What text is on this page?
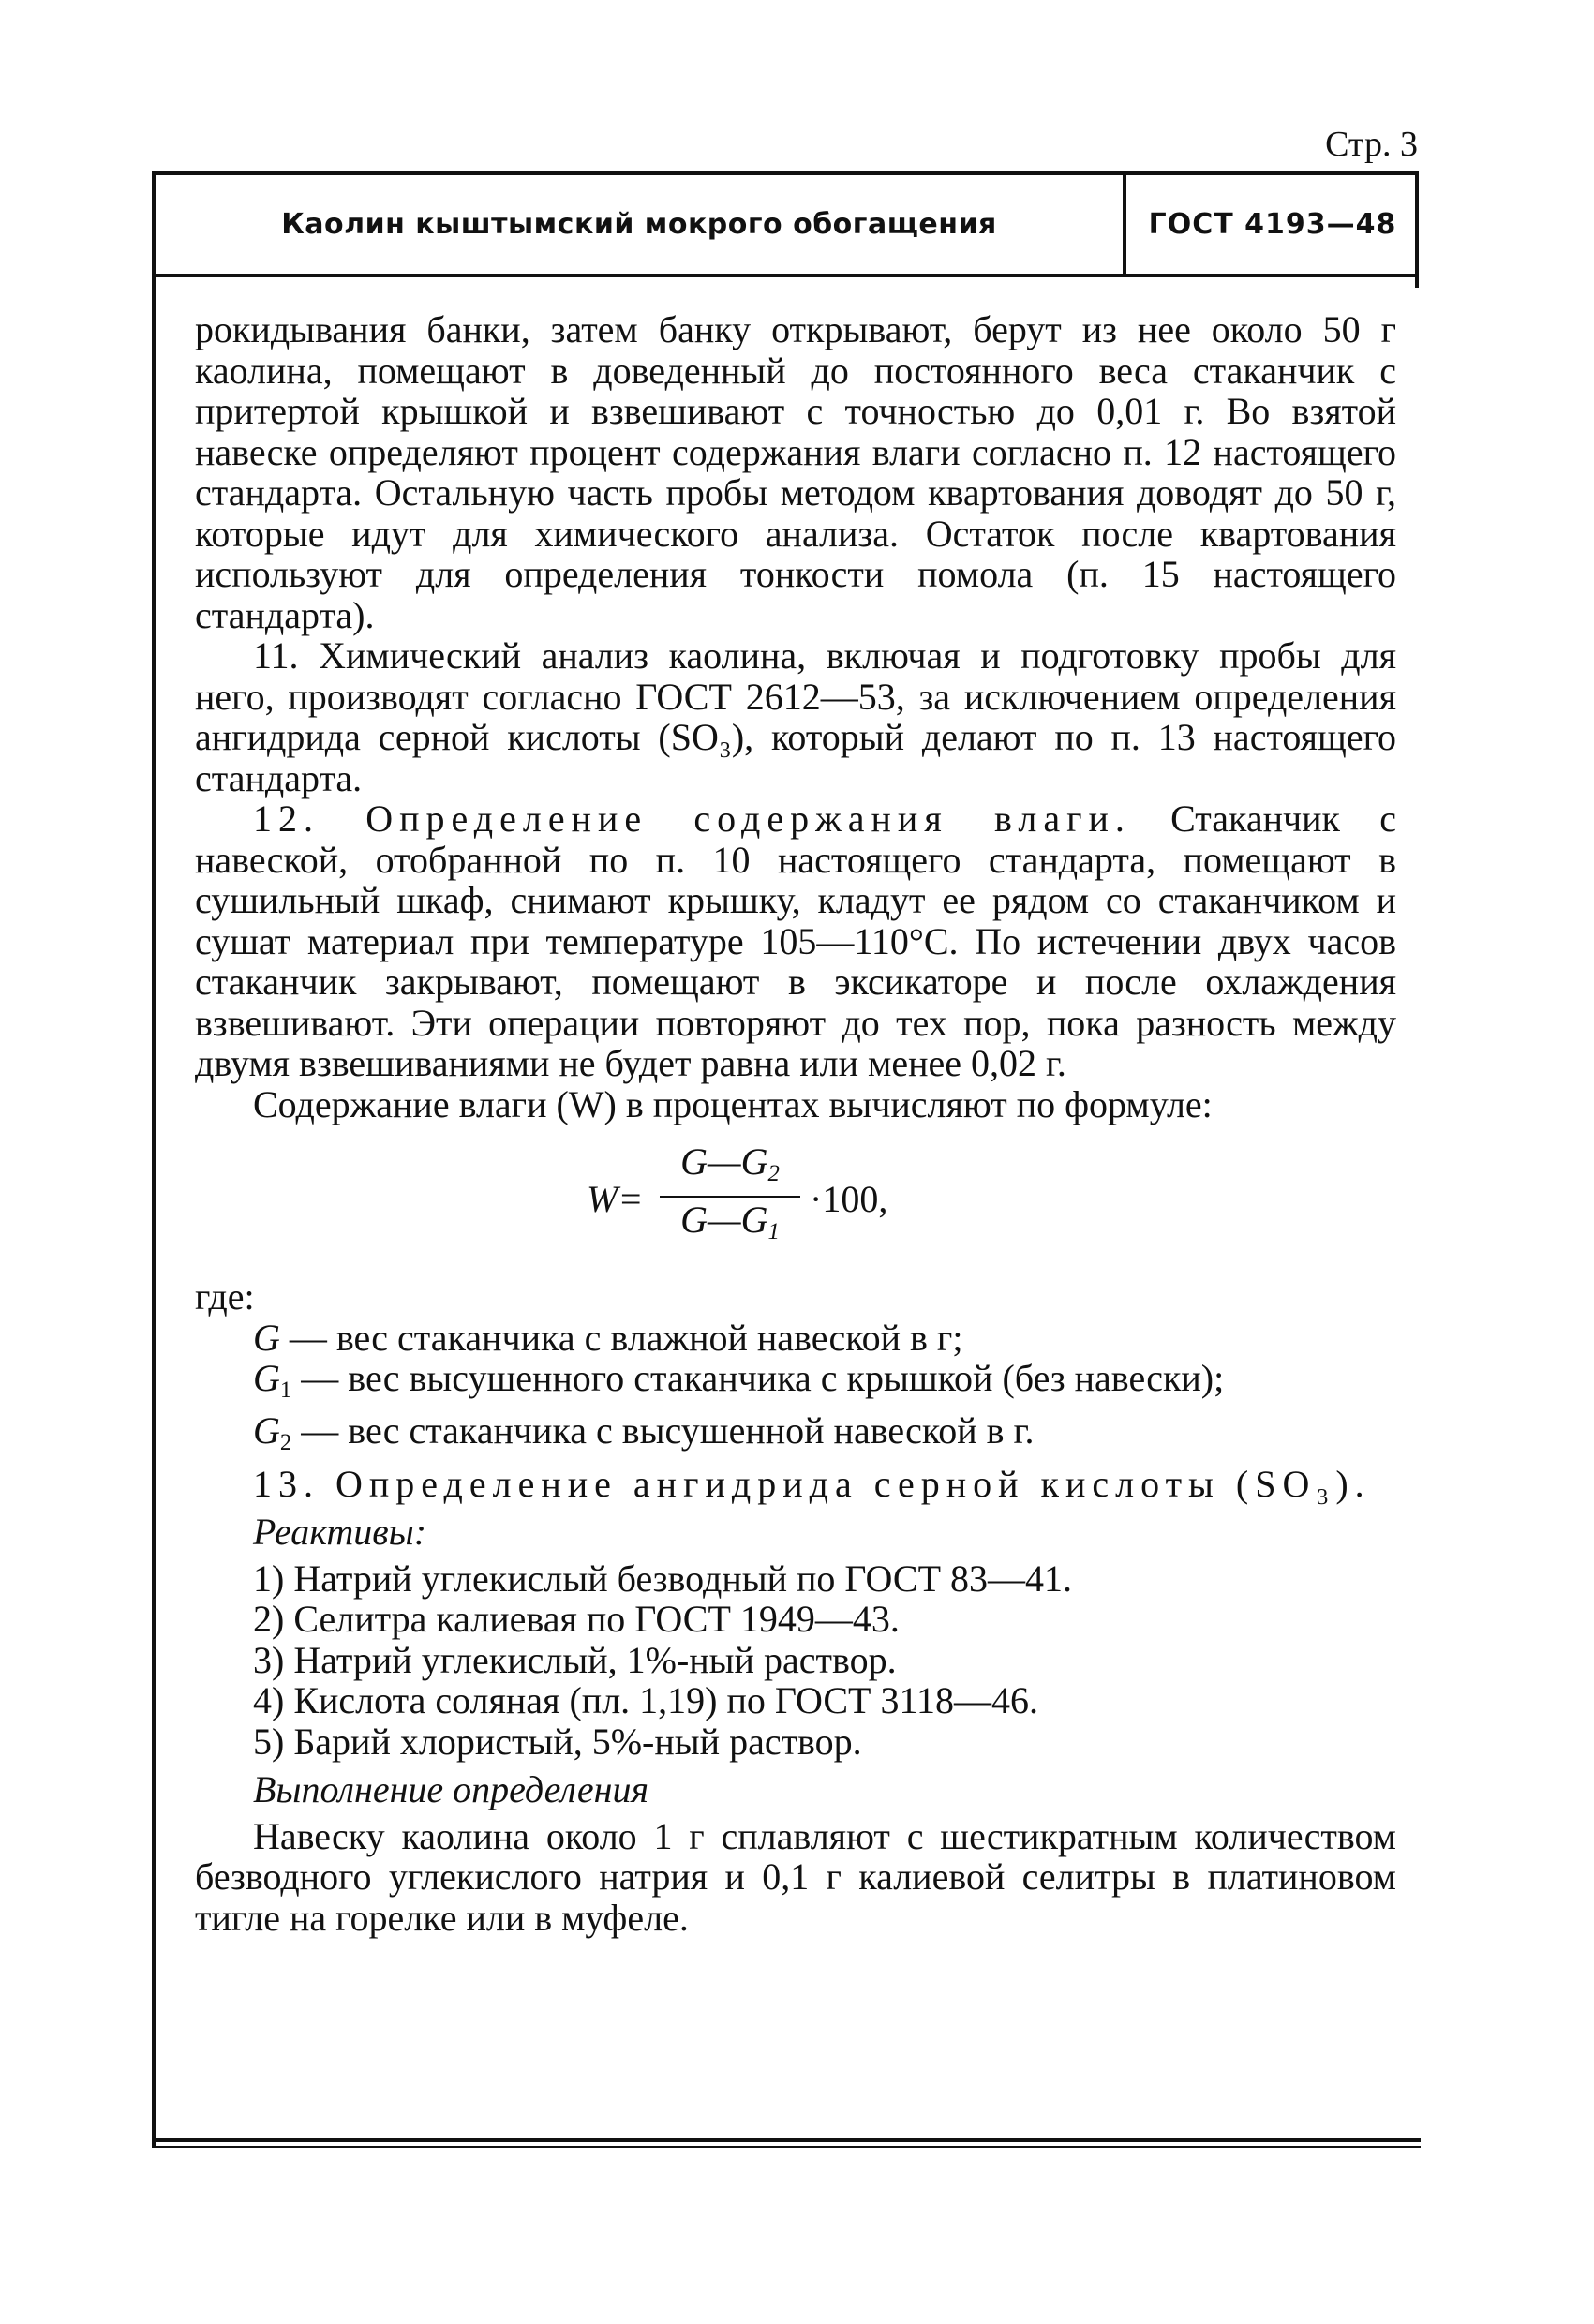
Стр. 3
Каолин кыштымский мокрого обогащения	ГОСТ 4193—48

рокидывания банки, затем банку открывают, берут из нее около 50 г каолина, помещают в доведенный до постоянного веса стаканчик с притертой крышкой и взвешивают с точностью до 0,01 г. Во взятой навеске определяют процент содержания влаги согласно п. 12 настоящего стандарта. Остальную часть пробы методом квартования доводят до 50 г, которые идут для химического анализа. Остаток после квартования используют для определения тонкости помола (п. 15 настоящего стандарта).

11. Химический анализ каолина, включая и подготовку пробы для него, производят согласно ГОСТ 2612—53, за исключением определения ангидрида серной кислоты (SO₃), который делают по п. 13 настоящего стандарта.

12. Определение содержания влаги. Стаканчик с навеской, отобранной по п. 10 настоящего стандарта, помещают в сушильный шкаф, снимают крышку, кладут ее рядом со стаканчиком и сушат материал при температуре 105—110°С. По истечении двух часов стаканчик закрывают, помещают в эксикаторе и после охлаждения взвешивают. Эти операции повторяют до тех пор, пока разность между двумя взвешиваниями не будет равна или менее 0,02 г.

Содержание влаги (W) в процентах вычисляют по формуле:

$W= \frac{G—G_2}{G—G_1} \cdot 100$,

где:

G — вес стаканчика с влажной навеской в г;

$G_1$ — вес высушенного стаканчика с крышкой (без навески);

$G_2$ — вес стаканчика с высушенной навеской в г.

13. Определение ангидрида серной кислоты (SO₃).

Реактивы:

1) Натрий углекислый безводный по ГОСТ 83—41.

2) Селитра калиевая по ГОСТ 1949—43.

3) Натрий углекислый, 1%-ный раствор.

4) Кислота соляная (пл. 1,19) по ГОСТ 3118—46.

5) Барий хлористый, 5%-ный раствор.

Выполнение определения

Навеску каолина около 1 г сплавляют с шестикратным количеством безводного углекислого натрия и 0,1 г калиевой селитры в платиновом тигле на горелке или в муфеле.
